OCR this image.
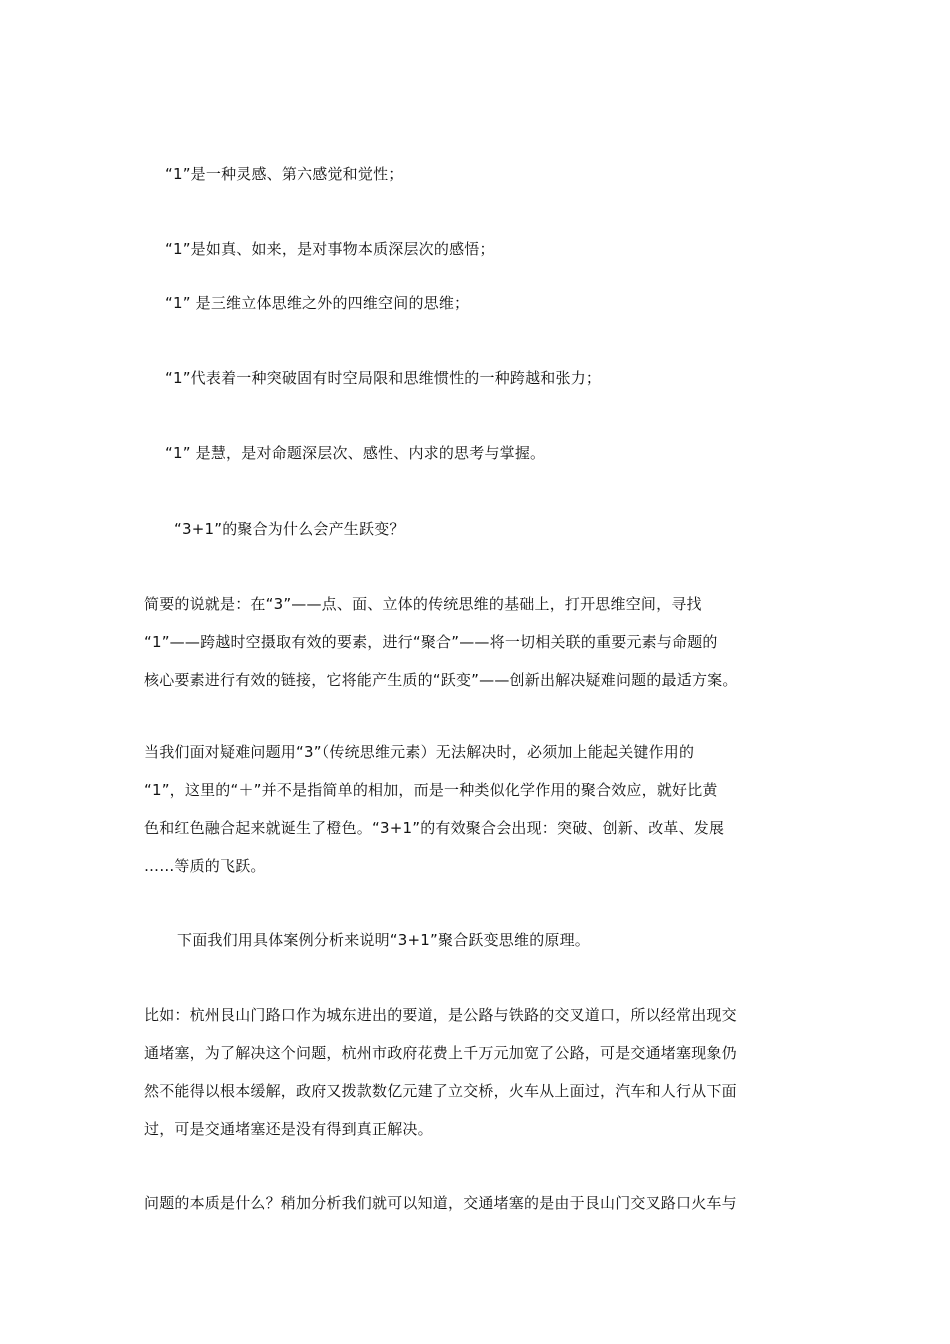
“1”是一种灵感、第六感觉和觉性；
“1”是如真、如来，是对事物本质深层次的感悟；
“1” 是三维立体思维之外的四维空间的思维；
“1”代表着一种突破固有时空局限和思维惯性的一种跨越和张力；
“1” 是慧，是对命题深层次、感性、内求的思考与掌握。
“3+1”的聚合为什么会产生跃变？
简要的说就是：在“3”——点、面、立体的传统思维的基础上，打开思维空间，寻找
“1”——跨越时空摄取有效的要素，进行“聚合”——将一切相关联的重要元素与命题的
核心要素进行有效的链接，它将能产生质的“跃变”——创新出解决疑难问题的最适方案。
当我们面对疑难问题用“3”（传统思维元素）无法解决时，必须加上能起关键作用的
“1”，这里的“＋”并不是指简单的相加，而是一种类似化学作用的聚合效应，就好比黄
色和红色融合起来就诞生了橙色。“3+1”的有效聚合会出现：突破、创新、改革、发展
……等质的飞跃。
下面我们用具体案例分析来说明“3+1”聚合跃变思维的原理。
比如：杭州艮山门路口作为城东进出的要道，是公路与铁路的交叉道口，所以经常出现交
通堵塞，为了解决这个问题，杭州市政府花费上千万元加宽了公路，可是交通堵塞现象仍
然不能得以根本缓解，政府又拨款数亿元建了立交桥，火车从上面过，汽车和人行从下面
过，可是交通堵塞还是没有得到真正解决。
问题的本质是什么？稍加分析我们就可以知道，交通堵塞的是由于艮山门交叉路口火车与
